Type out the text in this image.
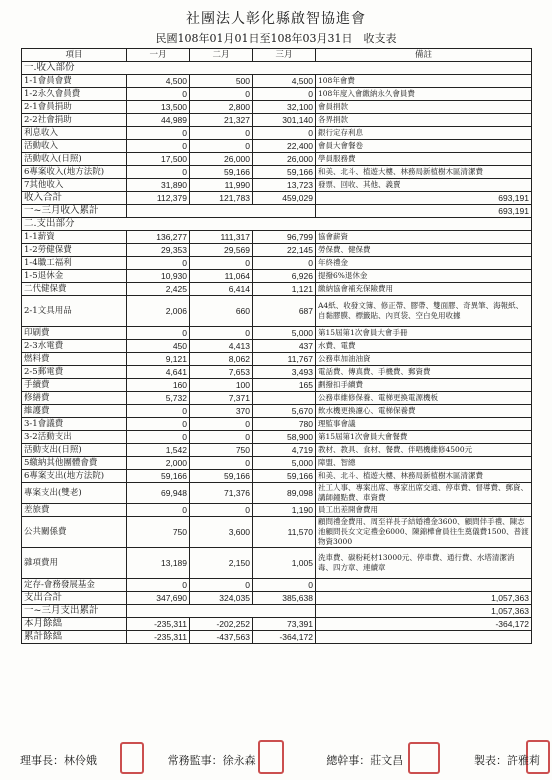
社團法人彰化縣啟智協進會
民國108年01月01日至108年03月31日　收支表
項目	一月	二月	三月	備註
一.收入部份				
1-1會員會費	4,500	500	4,500	108年會費
1-2永久會員費	0	0	0	108年度入會繳納永久會員費
2-1會員捐助	13,500	2,800	32,100	會員捐款
2-2社會捐助	44,989	21,327	301,140	各界捐款
利息收入	0	0	0	銀行定存利息
活動收入	0	0	22,400	會員大會餐卷
活動收入(日照)	17,500	26,000	26,000	學員服務費
6專案收入(地方法院)	0	59,166	59,166	和美、北斗、植遊大樓、林務局新植樹木區清潔費
7其他收入	31,890	11,990	13,723	發票、回收、其他、義賣
收入合計	112,379	121,783	459,029	693,191
一~三月收入累計				693,191
二.支出部分				
1-1薪資	136,277	111,317	96,799	協會薪資
1-2勞健保費	29,353	29,569	22,145	勞保費、健保費
1-4職工福利	0	0	0	年終禮金
1-5退休金	10,930	11,064	6,926	提撥6%退休金
二代健保費	2,425	6,414	1,121	繳納協會補充保險費用
2-1文具用品	2,006	660	687	A4紙、收發文簿、修正帶、膠帶、雙面膠、奇異筆、海報紙、自黏膠膜、標籤貼、內頁袋、空白免用收據
印刷費	0	0	5,000	第15屆第1次會員大會手冊
2-3水電費	450	4,413	437	水費、電費
燃料費	9,121	8,062	11,767	公務車加油油資
2-5郵電費	4,641	7,653	3,493	電話費、傳真費、手機費、郵資費
手續費	160	100	165	劃撥扣手續費
修繕費	5,732	7,371		公務車維修保養、電梯更換電源機板
維護費	0	370	5,670	飲水機更換濾心、電梯保養費
3-1會議費	0	0	780	理監事會議
3-2活動支出	0	0	58,900	第15屆第1次會員大會餐費
活動支出(日照)	1,542	750	4,719	教材、教具、食材、餐費、伴唱機維修4500元
5繳納其他團體會費	2,000	0	5,000	障盟、智總
6專案支出(地方法院)	59,166	59,166	59,166	和美、北斗、植遊大樓、林務局新植樹木區清潔費
專案支出(雙老)	69,948	71,376	89,098	社工人事、專案出席、專家出席交通、停車費、督導費、郵資、講師鐘點費、車資費
差旅費	0	0	1,190	員工出差開會費用
公共關係費	750	3,600	11,570	顧問禮金費用、周至祥長子結婚禮金3600、顧問伴手禮、陳志池顧問長女文定禮金6000、陳錦樺會員往生奠儀費1500、普渡物資3000
雜項費用	13,189	2,150	1,005	洗車費、碳粉耗材13000元、停車費、通行費、水塔清潔消毒、四方章、連續章
定存-會務發展基金	0	0	0	
支出合計	347,690	324,035	385,638	1,057,363
一~三月支出累計				1,057,363
本月餘絀	-235,311	-202,252	73,391	-364,172
累計餘絀	-235,311	-437,563	-364,172	
理事長：林伶娥	常務監事：徐永森	總幹事：莊文昌	製表：許雅莉
